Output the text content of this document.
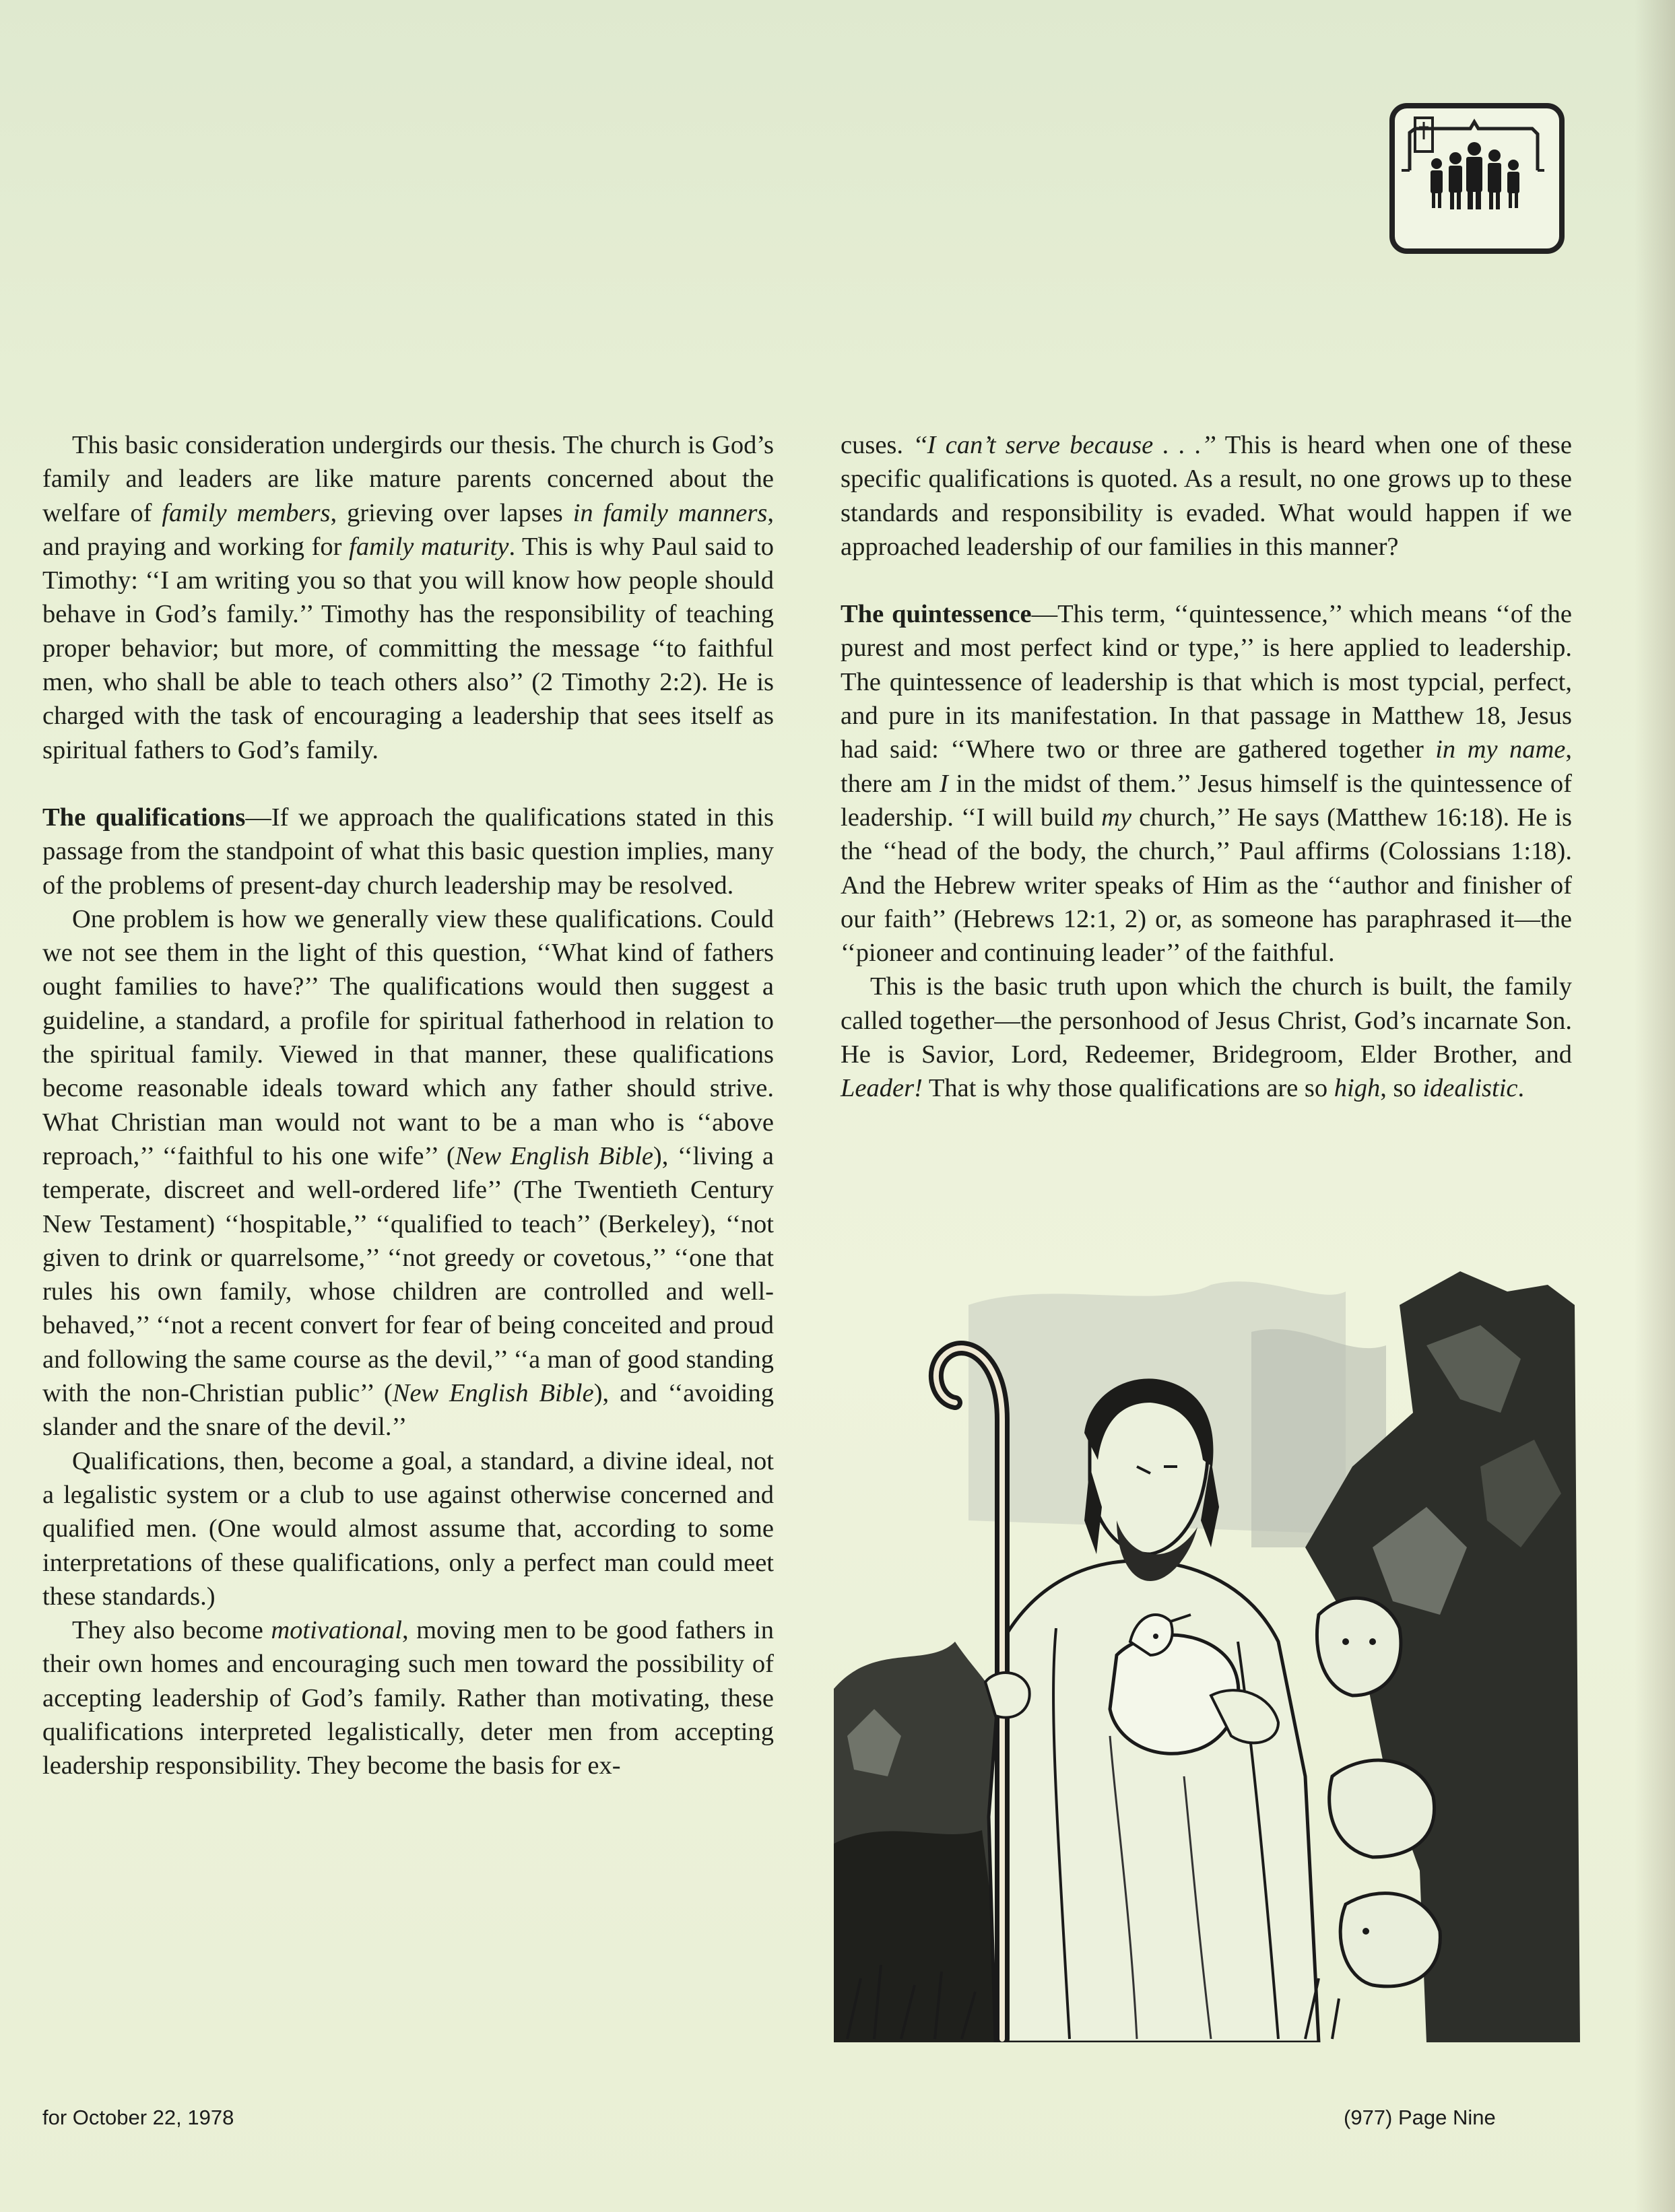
This basic consideration undergirds our thesis. The church is God’s family and leaders are like mature parents concerned about the welfare of family members, grieving over lapses in family manners, and praying and working for family maturity. This is why Paul said to Timothy: ‘‘I am writing you so that you will know how people should behave in God’s family.’’ Timothy has the responsibility of teaching proper behavior; but more, of committing the message ‘‘to faithful men, who shall be able to teach others also’’ (2 Timothy 2:2). He is charged with the task of encouraging a leadership that sees itself as spiritual fathers to God’s family.

The qualifications—If we approach the qualifications stated in this passage from the standpoint of what this basic question implies, many of the problems of present-day church leadership may be resolved.

One problem is how we generally view these qualifications. Could we not see them in the light of this question, ‘‘What kind of fathers ought families to have?’’ The qualifications would then suggest a guideline, a standard, a profile for spiritual fatherhood in relation to the spiritual family. Viewed in that manner, these qualifications become reasonable ideals toward which any father should strive. What Christian man would not want to be a man who is ‘‘above reproach,’’ ‘‘faithful to his one wife’’ (New English Bible), ‘‘living a temperate, discreet and well-ordered life’’ (The Twentieth Century New Testament) ‘‘hospitable,’’ ‘‘qualified to teach’’ (Berkeley), ‘‘not given to drink or quarrelsome,’’ ‘‘not greedy or covetous,’’ ‘‘one that rules his own family, whose children are controlled and well-behaved,’’ ‘‘not a recent convert for fear of being conceited and proud and following the same course as the devil,’’ ‘‘a man of good standing with the non-Christian public’’ (New English Bible), and ‘‘avoiding slander and the snare of the devil.’’

Qualifications, then, become a goal, a standard, a divine ideal, not a legalistic system or a club to use against otherwise concerned and qualified men. (One would almost assume that, according to some interpretations of these qualifications, only a perfect man could meet these standards.)

They also become motivational, moving men to be good fathers in their own homes and encouraging such men toward the possibility of accepting leadership of God’s family. Rather than motivating, these qualifications interpreted legalistically, deter men from accepting leadership responsibility. They become the basis for ex-

cuses. ‘‘I can’t serve because . . .’’ This is heard when one of these specific qualifications is quoted. As a result, no one grows up to these standards and responsibility is evaded. What would happen if we approached leadership of our families in this manner?

The quintessence—This term, ‘‘quintessence,’’ which means ‘‘of the purest and most perfect kind or type,’’ is here applied to leadership. The quintessence of leadership is that which is most typcial, perfect, and pure in its manifestation. In that passage in Matthew 18, Jesus had said: ‘‘Where two or three are gathered together in my name, there am I in the midst of them.’’ Jesus himself is the quintessence of leadership. ‘‘I will build my church,’’ He says (Matthew 16:18). He is the ‘‘head of the body, the church,’’ Paul affirms (Colossians 1:18). And the Hebrew writer speaks of Him as the ‘‘author and finisher of our faith’’ (Hebrews 12:1, 2) or, as someone has paraphrased it—the ‘‘pioneer and continuing leader’’ of the faithful.

This is the basic truth upon which the church is built, the family called together—the personhood of Jesus Christ, God’s incarnate Son. He is Savior, Lord, Redeemer, Bridegroom, Elder Brother, and Leader! That is why those qualifications are so high, so idealistic.

for October 22, 1978	(977) Page Nine
